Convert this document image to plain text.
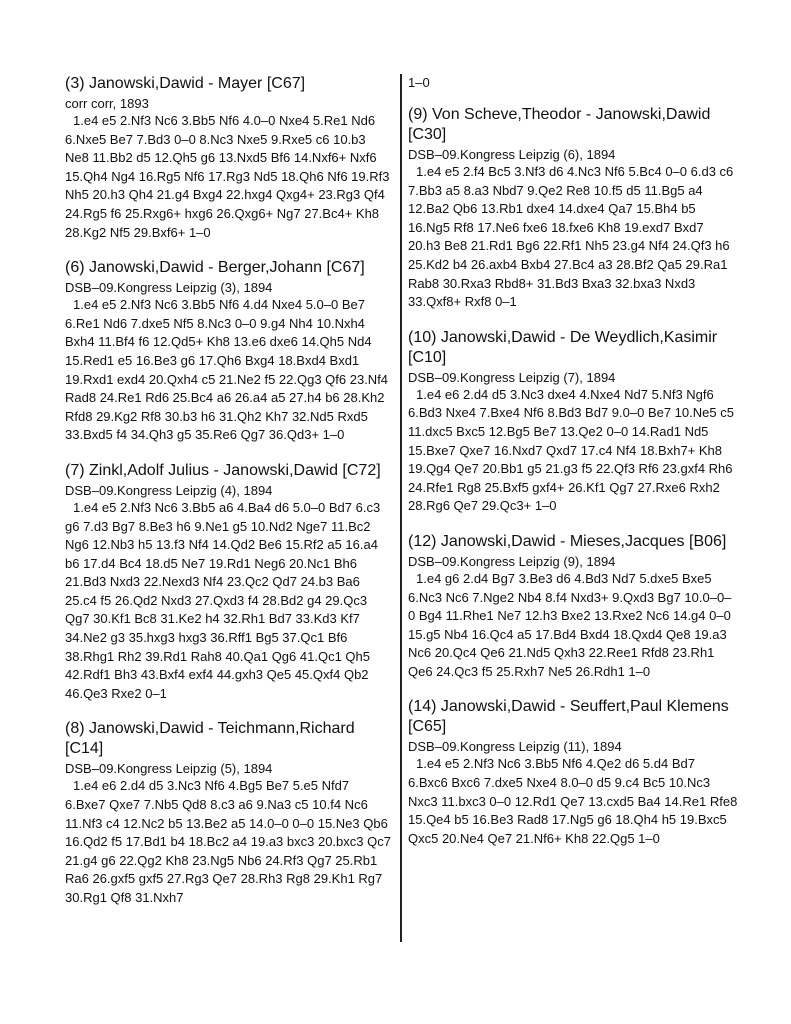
(3) Janowski,Dawid - Mayer [C67]
corr corr, 1893
1.e4 e5 2.Nf3 Nc6 3.Bb5 Nf6 4.0–0 Nxe4 5.Re1 Nd6 6.Nxe5 Be7 7.Bd3 0–0 8.Nc3 Nxe5 9.Rxe5 c6 10.b3 Ne8 11.Bb2 d5 12.Qh5 g6 13.Nxd5 Bf6 14.Nxf6+ Nxf6 15.Qh4 Ng4 16.Rg5 Nf6 17.Rg3 Nd5 18.Qh6 Nf6 19.Rf3 Nh5 20.h3 Qh4 21.g4 Bxg4 22.hxg4 Qxg4+ 23.Rg3 Qf4 24.Rg5 f6 25.Rxg6+ hxg6 26.Qxg6+ Ng7 27.Bc4+ Kh8 28.Kg2 Nf5 29.Bxf6+ 1–0
(6) Janowski,Dawid - Berger,Johann [C67]
DSB–09.Kongress Leipzig (3), 1894
1.e4 e5 2.Nf3 Nc6 3.Bb5 Nf6 4.d4 Nxe4 5.0–0 Be7 6.Re1 Nd6 7.dxe5 Nf5 8.Nc3 0–0 9.g4 Nh4 10.Nxh4 Bxh4 11.Bf4 f6 12.Qd5+ Kh8 13.e6 dxe6 14.Qh5 Nd4 15.Red1 e5 16.Be3 g6 17.Qh6 Bxg4 18.Bxd4 Bxd1 19.Rxd1 exd4 20.Qxh4 c5 21.Ne2 f5 22.Qg3 Qf6 23.Nf4 Rad8 24.Re1 Rd6 25.Bc4 a6 26.a4 a5 27.h4 b6 28.Kh2 Rfd8 29.Kg2 Rf8 30.b3 h6 31.Qh2 Kh7 32.Nd5 Rxd5 33.Bxd5 f4 34.Qh3 g5 35.Re6 Qg7 36.Qd3+ 1–0
(7) Zinkl,Adolf Julius - Janowski,Dawid [C72]
DSB–09.Kongress Leipzig (4), 1894
1.e4 e5 2.Nf3 Nc6 3.Bb5 a6 4.Ba4 d6 5.0–0 Bd7 6.c3 g6 7.d3 Bg7 8.Be3 h6 9.Ne1 g5 10.Nd2 Nge7 11.Bc2 Ng6 12.Nb3 h5 13.f3 Nf4 14.Qd2 Be6 15.Rf2 a5 16.a4 b6 17.d4 Bc4 18.d5 Ne7 19.Rd1 Neg6 20.Nc1 Bh6 21.Bd3 Nxd3 22.Nexd3 Nf4 23.Qc2 Qd7 24.b3 Ba6 25.c4 f5 26.Qd2 Nxd3 27.Qxd3 f4 28.Bd2 g4 29.Qc3 Qg7 30.Kf1 Bc8 31.Ke2 h4 32.Rh1 Bd7 33.Kd3 Kf7 34.Ne2 g3 35.hxg3 hxg3 36.Rff1 Bg5 37.Qc1 Bf6 38.Rhg1 Rh2 39.Rd1 Rah8 40.Qa1 Qg6 41.Qc1 Qh5 42.Rdf1 Bh3 43.Bxf4 exf4 44.gxh3 Qe5 45.Qxf4 Qb2 46.Qe3 Rxe2 0–1
(8) Janowski,Dawid - Teichmann,Richard [C14]
DSB–09.Kongress Leipzig (5), 1894
1.e4 e6 2.d4 d5 3.Nc3 Nf6 4.Bg5 Be7 5.e5 Nfd7 6.Bxe7 Qxe7 7.Nb5 Qd8 8.c3 a6 9.Na3 c5 10.f4 Nc6 11.Nf3 c4 12.Nc2 b5 13.Be2 a5 14.0–0 0–0 15.Ne3 Qb6 16.Qd2 f5 17.Bd1 b4 18.Bc2 a4 19.a3 bxc3 20.bxc3 Qc7 21.g4 g6 22.Qg2 Kh8 23.Ng5 Nb6 24.Rf3 Qg7 25.Rb1 Ra6 26.gxf5 gxf5 27.Rg3 Qe7 28.Rh3 Rg8 29.Kh1 Rg7 30.Rg1 Qf8 31.Nxh7
1–0
(9) Von Scheve,Theodor - Janowski,Dawid [C30]
DSB–09.Kongress Leipzig (6), 1894
1.e4 e5 2.f4 Bc5 3.Nf3 d6 4.Nc3 Nf6 5.Bc4 0–0 6.d3 c6 7.Bb3 a5 8.a3 Nbd7 9.Qe2 Re8 10.f5 d5 11.Bg5 a4 12.Ba2 Qb6 13.Rb1 dxe4 14.dxe4 Qa7 15.Bh4 b5 16.Ng5 Rf8 17.Ne6 fxe6 18.fxe6 Kh8 19.exd7 Bxd7 20.h3 Be8 21.Rd1 Bg6 22.Rf1 Nh5 23.g4 Nf4 24.Qf3 h6 25.Kd2 b4 26.axb4 Bxb4 27.Bc4 a3 28.Bf2 Qa5 29.Ra1 Rab8 30.Rxa3 Rbd8+ 31.Bd3 Bxa3 32.bxa3 Nxd3 33.Qxf8+ Rxf8 0–1
(10) Janowski,Dawid - De Weydlich,Kasimir [C10]
DSB–09.Kongress Leipzig (7), 1894
1.e4 e6 2.d4 d5 3.Nc3 dxe4 4.Nxe4 Nd7 5.Nf3 Ngf6 6.Bd3 Nxe4 7.Bxe4 Nf6 8.Bd3 Bd7 9.0–0 Be7 10.Ne5 c5 11.dxc5 Bxc5 12.Bg5 Be7 13.Qe2 0–0 14.Rad1 Nd5 15.Bxe7 Qxe7 16.Nxd7 Qxd7 17.c4 Nf4 18.Bxh7+ Kh8 19.Qg4 Qe7 20.Bb1 g5 21.g3 f5 22.Qf3 Rf6 23.gxf4 Rh6 24.Rfe1 Rg8 25.Bxf5 gxf4+ 26.Kf1 Qg7 27.Rxe6 Rxh2 28.Rg6 Qe7 29.Qc3+ 1–0
(12) Janowski,Dawid - Mieses,Jacques [B06]
DSB–09.Kongress Leipzig (9), 1894
1.e4 g6 2.d4 Bg7 3.Be3 d6 4.Bd3 Nd7 5.dxe5 Bxe5 6.Nc3 Nc6 7.Nge2 Nb4 8.f4 Nxd3+ 9.Qxd3 Bg7 10.0–0–0 Bg4 11.Rhe1 Ne7 12.h3 Bxe2 13.Rxe2 Nc6 14.g4 0–0 15.g5 Nb4 16.Qc4 a5 17.Bd4 Bxd4 18.Qxd4 Qe8 19.a3 Nc6 20.Qc4 Qe6 21.Nd5 Qxh3 22.Ree1 Rfd8 23.Rh1 Qe6 24.Qc3 f5 25.Rxh7 Ne5 26.Rdh1 1–0
(14) Janowski,Dawid - Seuffert,Paul Klemens [C65]
DSB–09.Kongress Leipzig (11), 1894
1.e4 e5 2.Nf3 Nc6 3.Bb5 Nf6 4.Qe2 d6 5.d4 Bd7 6.Bxc6 Bxc6 7.dxe5 Nxe4 8.0–0 d5 9.c4 Bc5 10.Nc3 Nxc3 11.bxc3 0–0 12.Rd1 Qe7 13.cxd5 Ba4 14.Re1 Rfe8 15.Qe4 b5 16.Be3 Rad8 17.Ng5 g6 18.Qh4 h5 19.Bxc5 Qxc5 20.Ne4 Qe7 21.Nf6+ Kh8 22.Qg5 1–0
